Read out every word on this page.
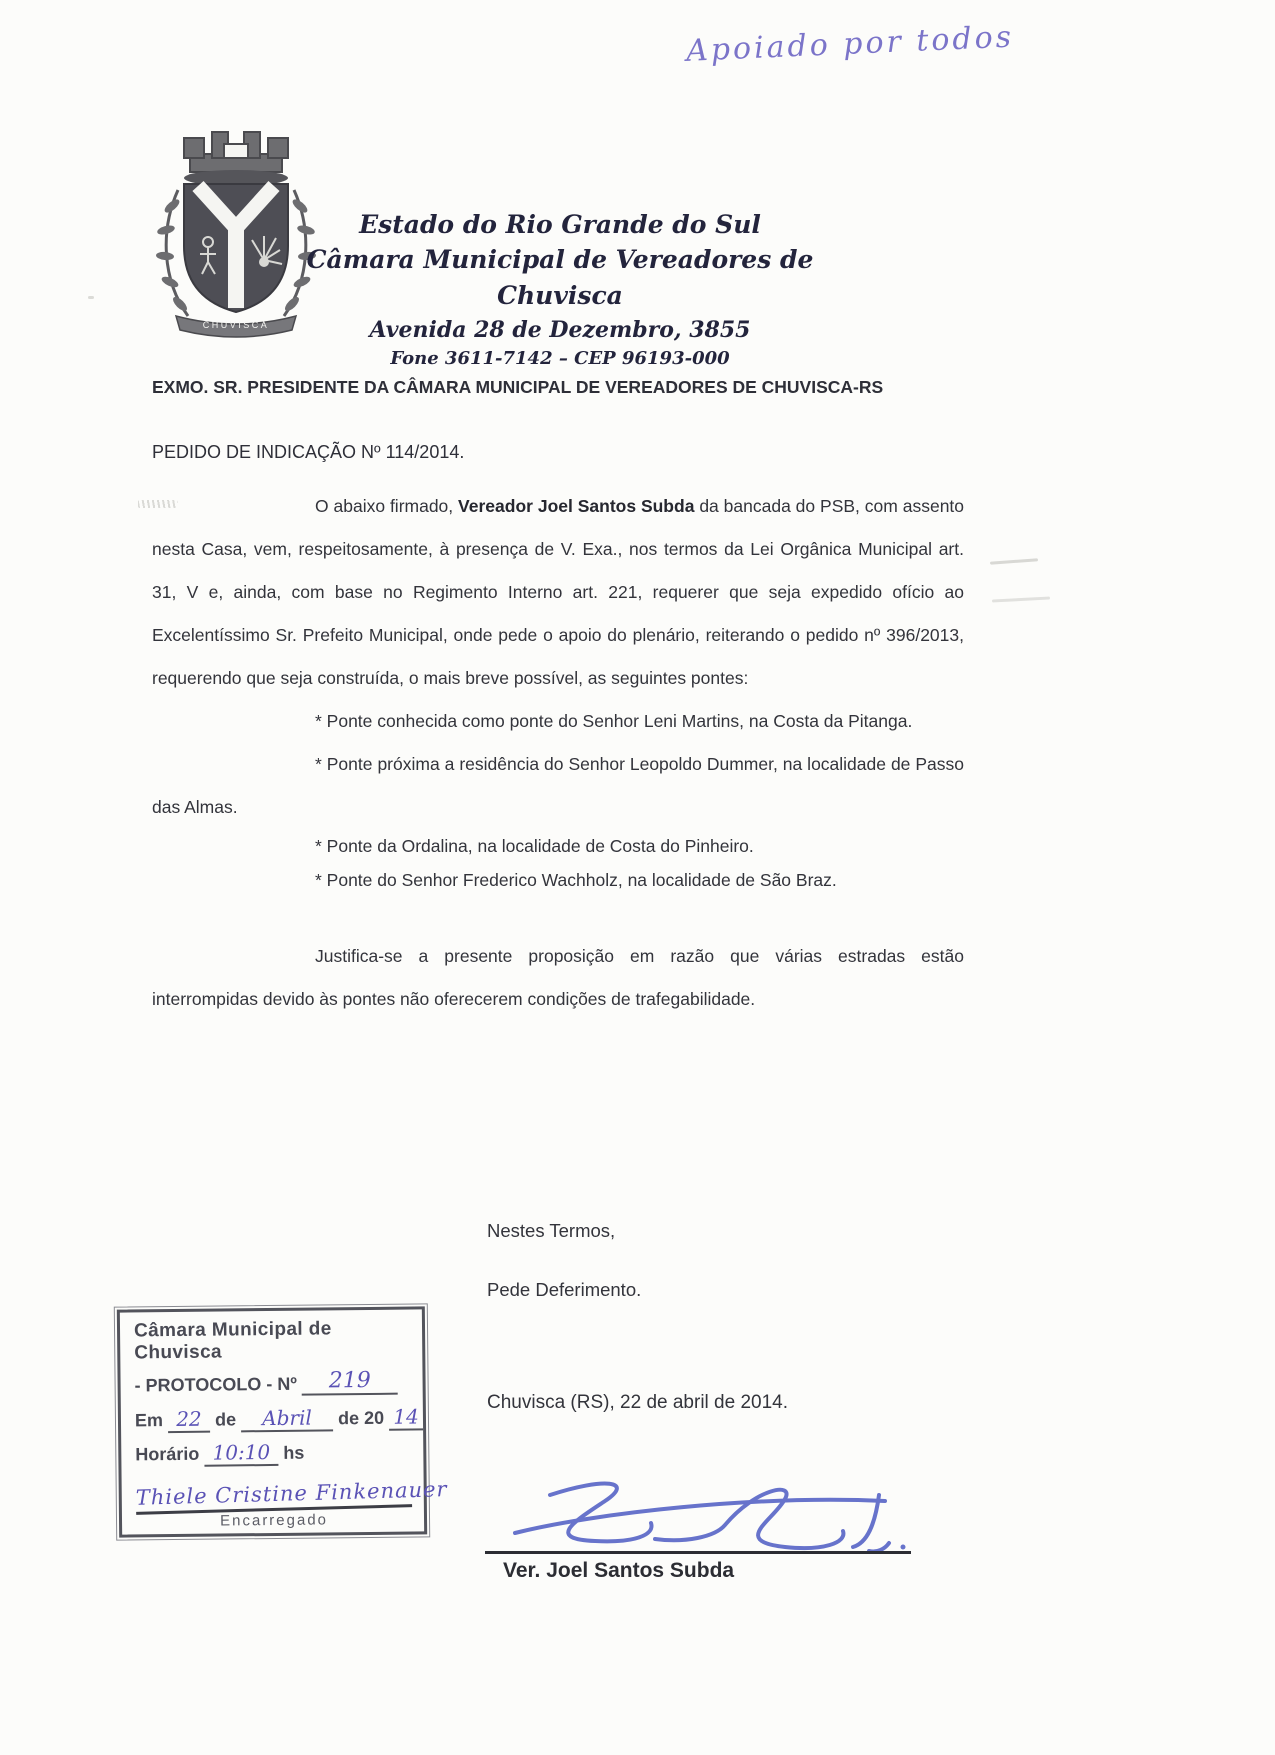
Apoiado por todos
CHUVISCA
Estado do Rio Grande do Sul
Câmara Municipal de Vereadores de Chuvisca
Avenida 28 de Dezembro, 3855
Fone 3611-7142 – CEP 96193-000
EXMO. SR. PRESIDENTE DA CÂMARA MUNICIPAL DE VEREADORES DE CHUVISCA-RS
PEDIDO DE INDICAÇÃO Nº 114/2014.

O abaixo firmado, Vereador Joel Santos Subda da bancada do PSB, com assento nesta Casa, vem, respeitosamente, à presença de V. Exa., nos termos da Lei Orgânica Municipal art. 31, V e, ainda, com base no Regimento Interno art. 221, requerer que seja expedido ofício ao Excelentíssimo Sr. Prefeito Municipal, onde pede o apoio do plenário, reiterando o pedido nº 396/2013, requerendo que seja construída, o mais breve possível, as seguintes pontes:

* Ponte conhecida como ponte do Senhor Leni Martins, na Costa da Pitanga.

* Ponte próxima a residência do Senhor Leopoldo Dummer, na localidade de Passo das Almas.

* Ponte da Ordalina, na localidade de Costa do Pinheiro.

* Ponte do Senhor Frederico Wachholz, na localidade de São Braz.

Justifica-se a presente proposição em razão que várias estradas estão interrompidas devido às pontes não oferecerem condições de trafegabilidade.

Nestes Termos,
Pede Deferimento.
Câmara Municipal de Chuvisca
- PROTOCOLO - Nº 219
Em 22 de Abril de 20 14
Horário 10:10 hs
Thiele Cristine Finkenauer
Encarregado
Chuvisca (RS), 22 de abril de 2014.
Ver. Joel Santos Subda
